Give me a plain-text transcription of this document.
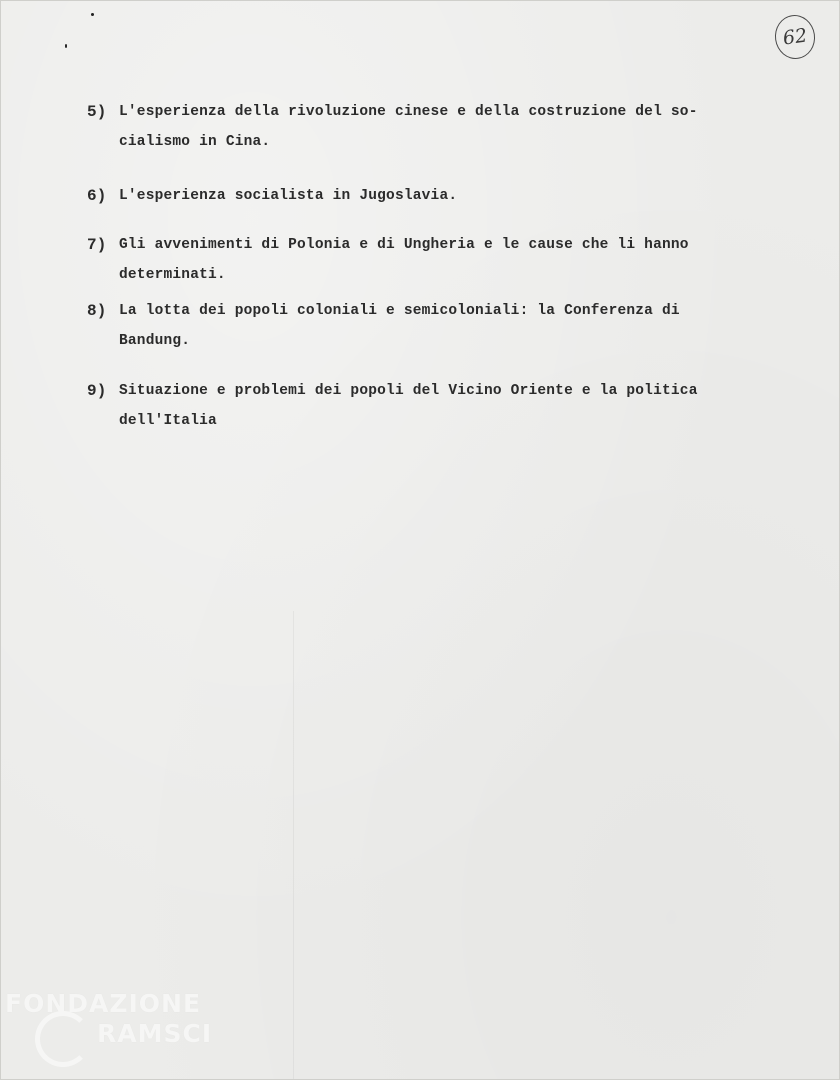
62
5) L'esperienza della rivoluzione cinese e della costruzione del so-
cialismo in Cina.
6) L'esperienza socialista in Jugoslavia.
7) Gli avvenimenti di Polonia e di Ungheria e le cause che li hanno
determinati.
8) La lotta dei popoli coloniali e semicoloniali: la Conferenza di
Bandung.
9) Situazione e problemi dei popoli del Vicino Oriente e la politica
dell'Italia
FONDAZIONE
RAMSCI
